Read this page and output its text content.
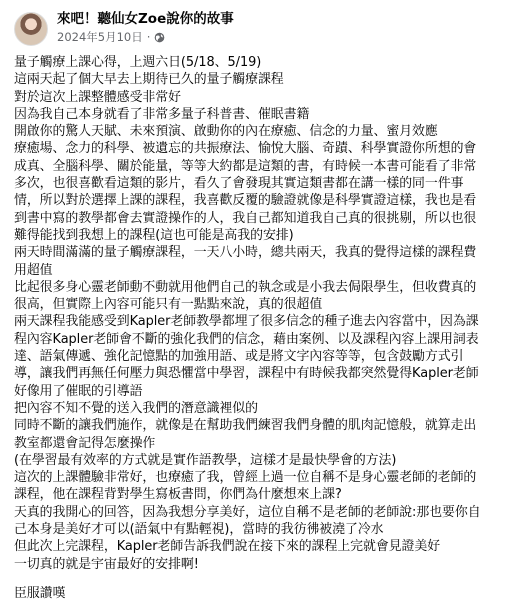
來吧！聽仙女Zoe說你的故事
2024年5月10日 ·
量子觸療上課心得，上週六日(5/18、5/19)
這兩天起了個大早去上期待已久的量子觸療課程
對於這次上課整體感受非常好
因為我自己本身就看了非常多量子科普書、催眠書籍
開啟你的驚人天賦、未來預演、啟動你的內在療癒、信念的力量、蜜月效應
療癒場、念力的科學、被遺忘的共振療法、愉悅大腦、奇蹟、科學實證你所想的會
成真、全腦科學、關於能量，等等大約都是這類的書，有時候一本書可能看了非常
多次，也很喜歡看這類的影片，看久了會發現其實這類書都在講一樣的同一件事
情，所以對於選擇上課的課程，我喜歡反覆的驗證就像是科學實證這樣，我也是看
到書中寫的教學都會去實證操作的人，我自己都知道我自己真的很挑剔，所以也很
難得能找到我想上的課程(這也可能是高我的安排)
兩天時間滿滿的量子觸療課程，一天八小時，總共兩天，我真的覺得這樣的課程費
用超值
比起很多身心靈老師動不動就用他們自己的執念或是小我去侷限學生，但收費真的
很高，但實際上內容可能只有一點點來說，真的很超值
兩天課程我能感受到Kapler老師教學都埋了很多信念的種子進去內容當中，因為課
程內容Kapler老師會不斷的強化我們的信念，藉由案例、以及課程內容上課用詞表
達、語氣傳遞、強化記憶點的加強用語、或是將文字內容等等，包含鼓勵方式引
導，讓我們再無任何壓力與恐懼當中學習，課程中有時候我都突然覺得Kapler老師
好像用了催眠的引導語
把內容不知不覺的送入我們的潛意識裡似的
同時不斷的讓我們施作，就像是在幫助我們練習我們身體的肌肉記憶般，就算走出
教室都還會記得怎麼操作
(在學習最有效率的方式就是實作語教學，這樣才是最快學會的方法)
這次的上課體驗非常好，也療癒了我，曾經上過一位自稱不是身心靈老師的老師的
課程，他在課程背對學生寫板書問，你們為什麼想來上課?
天真的我開心的回答，因為我想分享美好，這位自稱不是老師的老師說:那也要你自
己本身是美好才可以(語氣中有點輕視)，當時的我彷彿被澆了冷水
但此次上完課程，Kapler老師告訴我們說在接下來的課程上完就會見證美好
一切真的就是宇宙最好的安排啊!
臣服讚嘆
